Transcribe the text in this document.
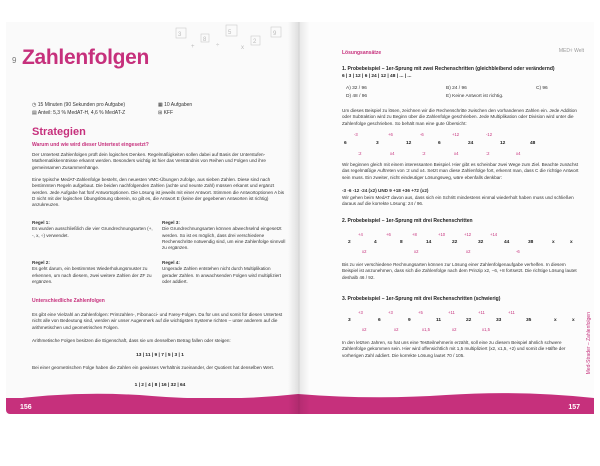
3
8
5
2
9
+	x
÷
9 Zahlenfolgen
◷ 15 Minuten (90 Sekunden pro Aufgabe)
▤ Anteil: 5,3 % MedAT-H, 4,6 % MedAT-Z
▦ 10 Aufgaben
⊞ KFF
Strategien
Warum und wie wird dieser Untertest eingesetzt?
Der Untertest Zahlenfolgen prüft dein logisches Denken. Regelmäßigkeiten sollen dabei auf Basis der Unterstufen-Mathematikkenntnisse erkannt werden. Besonders wichtig ist hier das Verständnis von Reihen und Folgen und ihre gemeinsamen Zusammenhänge.
Eine typische MedAT-Zahlenfolge besteht, den neuesten VMC-Übungen zufolge, aus sieben Zahlen. Diese sind nach bestimmten Regeln aufgebaut. Die beiden nachfolgenden Zahlen (achte und neunte Zahl) müssen erkannt und ergänzt werden. Jede Aufgabe hat fünf Antwortoptionen. Die Lösung ist jeweils mit einer Antwort. Stimmen die Antwortoptionen A bis D nicht mit der logischen Übungslösung überein, so gilt es, die Antwort E (keine der gegebenen Antworten ist richtig) anzukreuzen.
Regel 1:
Es wurden ausschließlich die vier Grundrechnungsarten (+, -, x, ÷) verwendet.
Regel 3:
Die Grundrechnungsarten können abwechselnd eingesetzt werden. So ist es möglich, dass drei verschiedene Rechenschritte notwendig sind, um eine Zahlenfolge sinnvoll zu ergänzen.
Regel 2:
Es geht darum, ein bestimmtes Wiederholungsmuster zu erkennen, um nach diesem, zwei weitere Zahlen der ZF zu ergänzen.
Regel 4:
Ungerade Zahlen entstehen nicht durch Multiplikation gerader Zahlen. In anwachsenden Folgen wird multipliziert oder addiert.
Unterschiedliche Zahlenfolgen
Es gibt eine Vielzahl an Zahlenfolgen: Primzahlen-, Fibonacci- und Farey-Folgen. Da für uns und somit für diesen Untertest nicht alle von Bedeutung sind, werden wir unser Augenmerk auf die wichtigsten Systeme richten – unter anderem auf die arithmetischen und geometrischen Folgen.
Arithmetische Folgen besitzen die Eigenschaft, dass sie um denselben Betrag fallen oder steigen:
13 | 11 | 9 | 7 | 5 | 3 | 1
Bei einer geometrischen Folge haben die Zahlen ein gewisses Verhältnis zueinander, der Quotient hat denselben Wert.
1 | 2 | 4 | 8 | 16 | 32 | 64
156
MED⚕ Welt
Lösungsansätze
1. Probebeispiel – 1er-Sprung mit zwei Rechenschritten (gleichbleibend oder verändernd)
6 | 3 | 12 | 6 | 24 | 12 | 48 | ... | ...
A) 32 / 96	B) 24 / 96	C) 96
D) 48 / 96	E) Keine Antwort ist richtig.
Um dieses Beispiel zu lösen, zeichnen wir die Rechenschritte zwischen den vorhandenen Zahlen ein. Jede Addition oder Subtraktion wird zu Beginn über die Zahlenfolge geschrieben. Jede Multiplikation oder Division wird unter die Zahlenfolge geschrieben. So behält man eine gute Übersicht:
-3	+6	-6	+12	-12
6	3	12	6	24	12	48
:2	x4	:2	x4	:2	x4
Wir beginnen gleich mit einem interessanten Beispiel. Hier gibt es scheinbar zwei Wege zum Ziel. Beachte zunächst das regelmäßige Auftreten von :2 und x4. Setzt man diese Zahlenfolge fort, erkennt man, dass C die richtige Antwort sein muss. Ein zweiter, nicht eindeutiger Lösungsweg, wäre ebenfalls denkbar:
-3 -6 -12 -24 (x2) UND 9 +18 +36 +72 (x2)
Wir gehen beim MedAT davon aus, dass sich ein Schritt mindestens einmal wiederholt haben muss und schließen daraus auf die korrekte Lösung: 24 / 96.
2. Probebeispiel – 1er-Sprung mit drei Rechenschritten
+4	+6	+8	+10	+12	+14
2	4	8	14	22	32	44	38	x	x
x2	x2	x2	-6
Bis zu vier verschiedene Rechnungsarten können zur Lösung einer Zahlenfolgenaufgabe verhelfen. In diesem Beispiel ist anzunehmen, dass sich die Zahlenfolge nach dem Prinzip x2, −6, +8 fortsetzt. Die richtige Lösung lautet deshalb 46 / 92.
3. Probebeispiel – 1er-Sprung mit drei Rechenschritten (schwierig)
+3	+3	+5	+11	+11	+11
3	6	9	11	22	33	35	x	x
x2	x2	x1,5	x2	x1,5
In den letzten Jahren, so hat uns eine Testteilnehmerin erzählt, soll eine zu diesem Beispiel ähnlich schwere Zahlenfolge gekommen sein. Hier wird offensichtlich mit 1,5 multipliziert (x2, x1,5, +2) und somit die Hälfte der vorherigen Zahl addiert. Die korrekte Lösung lautet 70 / 105.	Med-Strader – Zahlenfolgen
157
